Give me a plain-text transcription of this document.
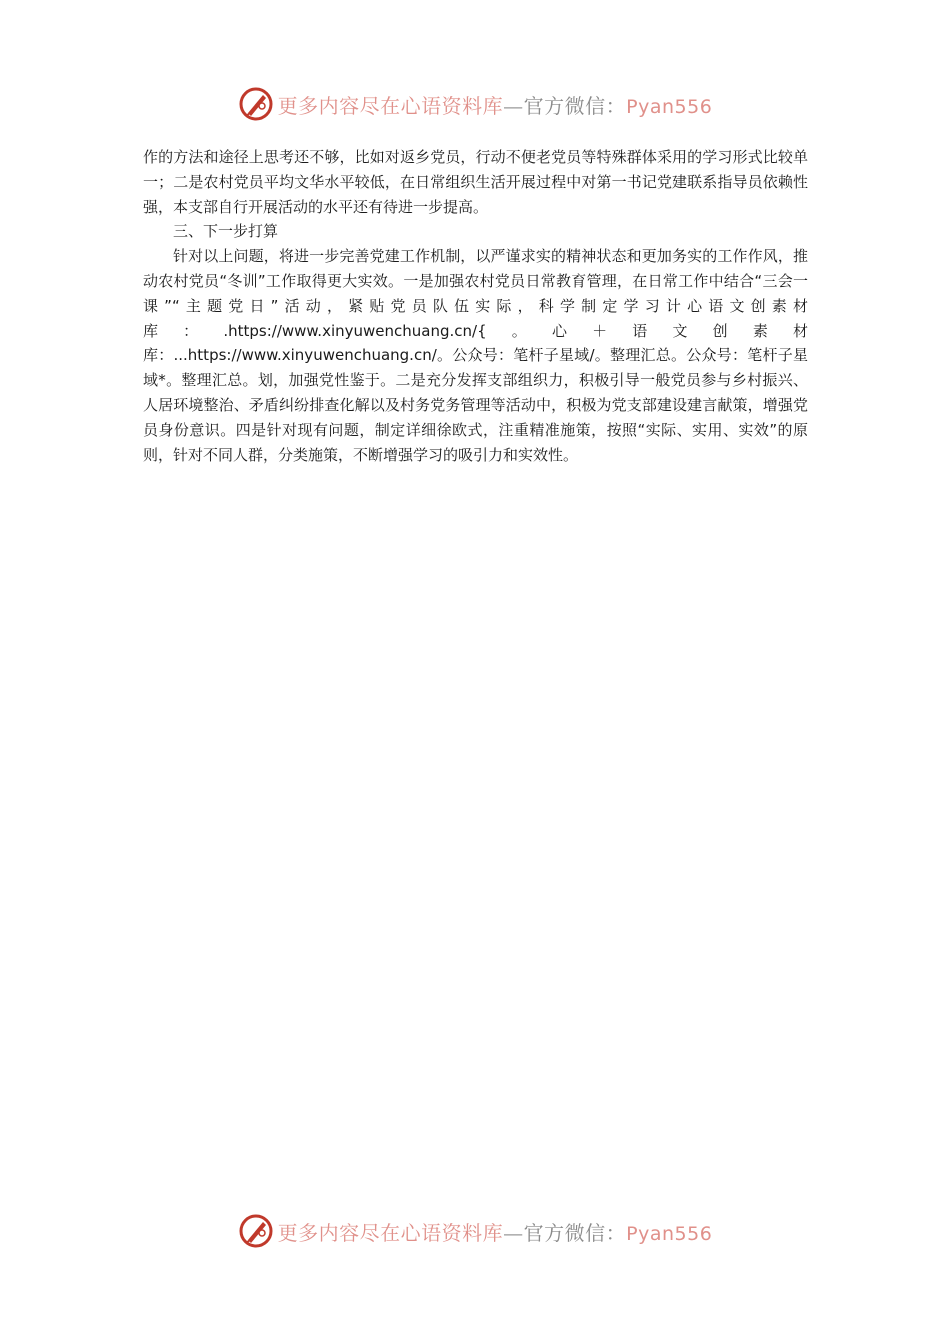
更多内容尽在心语资料库—官方微信：Pyan556

作的方法和途径上思考还不够，比如对返乡党员，行动不便老党员等特殊群体采用的学习形式比较单一；二是农村党员平均文华水平较低，在日常组织生活开展过程中对第一书记党建联系指导员依赖性强，本支部自行开展活动的水平还有待进一步提高。

三、下一步打算

针对以上问题，将进一步完善党建工作机制，以严谨求实的精神状态和更加务实的工作作风，推动农村党员“冬训”工作取得更大实效。一是加强农村党员日常教育管理，在日常工作中结合“三会一课”“主题党日”活动，紧贴党员队伍实际，科学制定学习计心语文创素材库：.https://www.xinyuwenchuang.cn/{。心＋语文创素材库：...https://www.xinyuwenchuang.cn/。公众号：笔杆子星域/。整理汇总。公众号：笔杆子星域*。整理汇总。划，加强党性鉴于。二是充分发挥支部组织力，积极引导一般党员参与乡村振兴、人居环境整治、矛盾纠纷排查化解以及村务党务管理等活动中，积极为党支部建设建言献策，增强党员身份意识。四是针对现有问题，制定详细徐欧式，注重精准施策，按照“实际、实用、实效”的原则，针对不同人群，分类施策，不断增强学习的吸引力和实效性。

更多内容尽在心语资料库—官方微信：Pyan556
